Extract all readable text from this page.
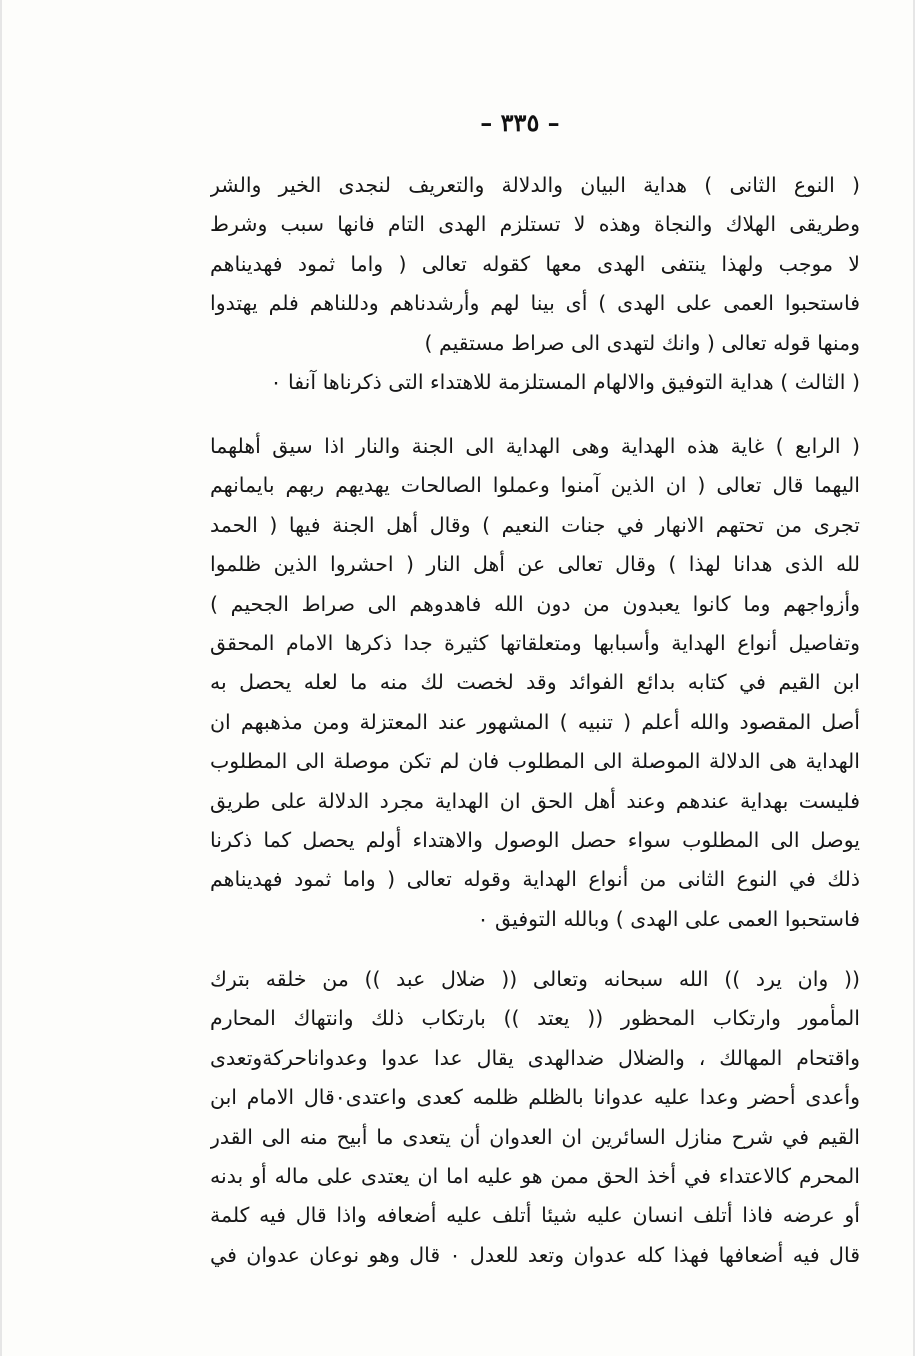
– ٣٣٥ –
( النوع الثانى ) هداية البيان والدلالة والتعريف لنجدى الخير والشر
وطريقى الهلاك والنجاة وهذه لا تستلزم الهدى التام فانها سبب وشرط
لا موجب ولهذا ينتفى الهدى معها كقوله تعالى ( واما ثمود فهديناهم
فاستحبوا العمى على الهدى ) أى بينا لهم وأرشدناهم ودللناهم فلم يهتدوا
ومنها قوله تعالى ( وانك لتهدى الى صراط مستقيم )
( الثالث ) هداية التوفيق والالهام المستلزمة للاهتداء التى ذكرناها آنفا ٠
( الرابع ) غاية هذه الهداية وهى الهداية الى الجنة والنار اذا سيق أهلهما
اليهما قال تعالى ( ان الذين آمنوا وعملوا الصالحات يهديهم ربهم بايمانهم
تجرى من تحتهم الانهار في جنات النعيم ) وقال أهل الجنة فيها ( الحمد
لله الذى هدانا لهذا ) وقال تعالى عن أهل النار ( احشروا الذين ظلموا
وأزواجهم وما كانوا يعبدون من دون الله فاهدوهم الى صراط الجحيم )
وتفاصيل أنواع الهداية وأسبابها ومتعلقاتها كثيرة جدا ذكرها الامام المحقق
ابن القيم في كتابه بدائع الفوائد وقد لخصت لك منه ما لعله يحصل به
أصل المقصود والله أعلم ( تنبيه ) المشهور عند المعتزلة ومن مذهبهم ان
الهداية هى الدلالة الموصلة الى المطلوب فان لم تكن موصلة الى المطلوب
فليست بهداية عندهم وعند أهل الحق ان الهداية مجرد الدلالة على طريق
يوصل الى المطلوب سواء حصل الوصول والاهتداء أولم يحصل كما ذكرنا
ذلك في النوع الثانى من أنواع الهداية وقوله تعالى ( واما ثمود فهديناهم
فاستحبوا العمى على الهدى ) وبالله التوفيق ٠
(( وان يرد )) الله سبحانه وتعالى (( ضلال عبد )) من خلقه بترك
المأمور وارتكاب المحظور (( يعتد )) بارتكاب ذلك وانتهاك المحارم
واقتحام المهالك ، والضلال ضدالهدى يقال عدا عدوا وعدواناحركةوتعدى
وأعدى أحضر وعدا عليه عدوانا بالظلم ظلمه كعدى واعتدى٠قال الامام ابن
القيم في شرح منازل السائرين ان العدوان أن يتعدى ما أبيح منه الى القدر
المحرم كالاعتداء في أخذ الحق ممن هو عليه اما ان يعتدى على ماله أو بدنه
أو عرضه فاذا أتلف انسان عليه شيئا أتلف عليه أضعافه واذا قال فيه كلمة
قال فيه أضعافها فهذا كله عدوان وتعد للعدل ٠ قال وهو نوعان عدوان في
